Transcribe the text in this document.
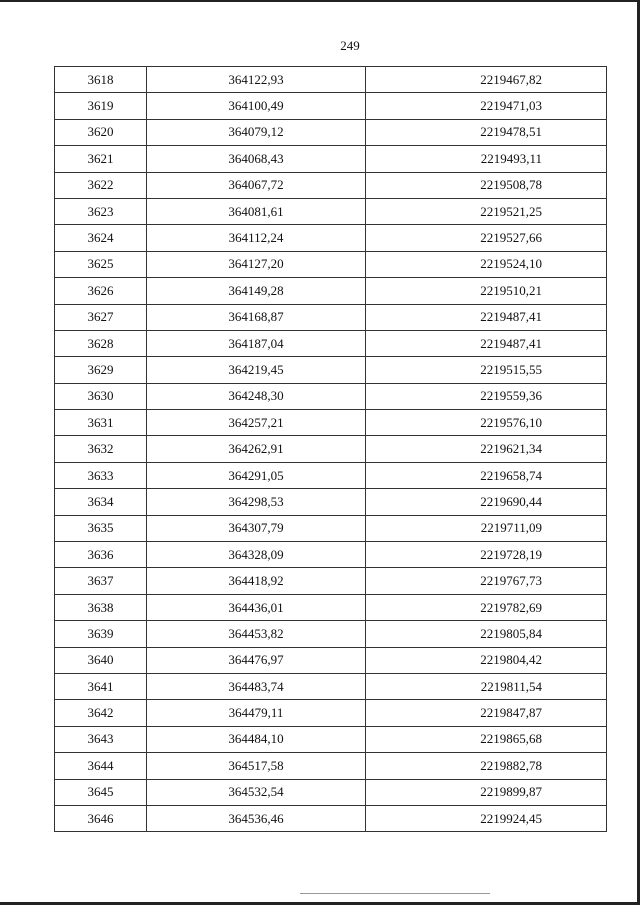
249
3618	364122,93	2219467,82
3619	364100,49	2219471,03
3620	364079,12	2219478,51
3621	364068,43	2219493,11
3622	364067,72	2219508,78
3623	364081,61	2219521,25
3624	364112,24	2219527,66
3625	364127,20	2219524,10
3626	364149,28	2219510,21
3627	364168,87	2219487,41
3628	364187,04	2219487,41
3629	364219,45	2219515,55
3630	364248,30	2219559,36
3631	364257,21	2219576,10
3632	364262,91	2219621,34
3633	364291,05	2219658,74
3634	364298,53	2219690,44
3635	364307,79	2219711,09
3636	364328,09	2219728,19
3637	364418,92	2219767,73
3638	364436,01	2219782,69
3639	364453,82	2219805,84
3640	364476,97	2219804,42
3641	364483,74	2219811,54
3642	364479,11	2219847,87
3643	364484,10	2219865,68
3644	364517,58	2219882,78
3645	364532,54	2219899,87
3646	364536,46	2219924,45
